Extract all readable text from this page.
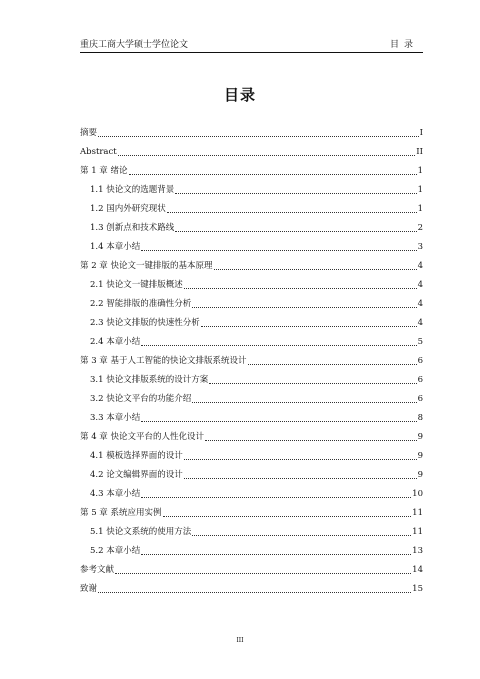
重庆工商大学硕士学位论文	目录
目录
摘要	I
Abstract	II
第 1 章 绪论	1
1.1 快论文的选题背景	1
1.2 国内外研究现状	1
1.3 创新点和技术路线	2
1.4 本章小结	3
第 2 章 快论文一键排版的基本原理	4
2.1 快论文一键排版概述	4
2.2 智能排版的准确性分析	4
2.3 快论文排版的快速性分析	4
2.4 本章小结	5
第 3 章 基于人工智能的快论文排版系统设计	6
3.1 快论文排版系统的设计方案	6
3.2 快论文平台的功能介绍	6
3.3 本章小结	8
第 4 章 快论文平台的人性化设计	9
4.1 模板选择界面的设计	9
4.2 论文编辑界面的设计	9
4.3 本章小结	10
第 5 章 系统应用实例	11
5.1 快论文系统的使用方法	11
5.2 本章小结	13
参考文献	14
致谢	15
III
